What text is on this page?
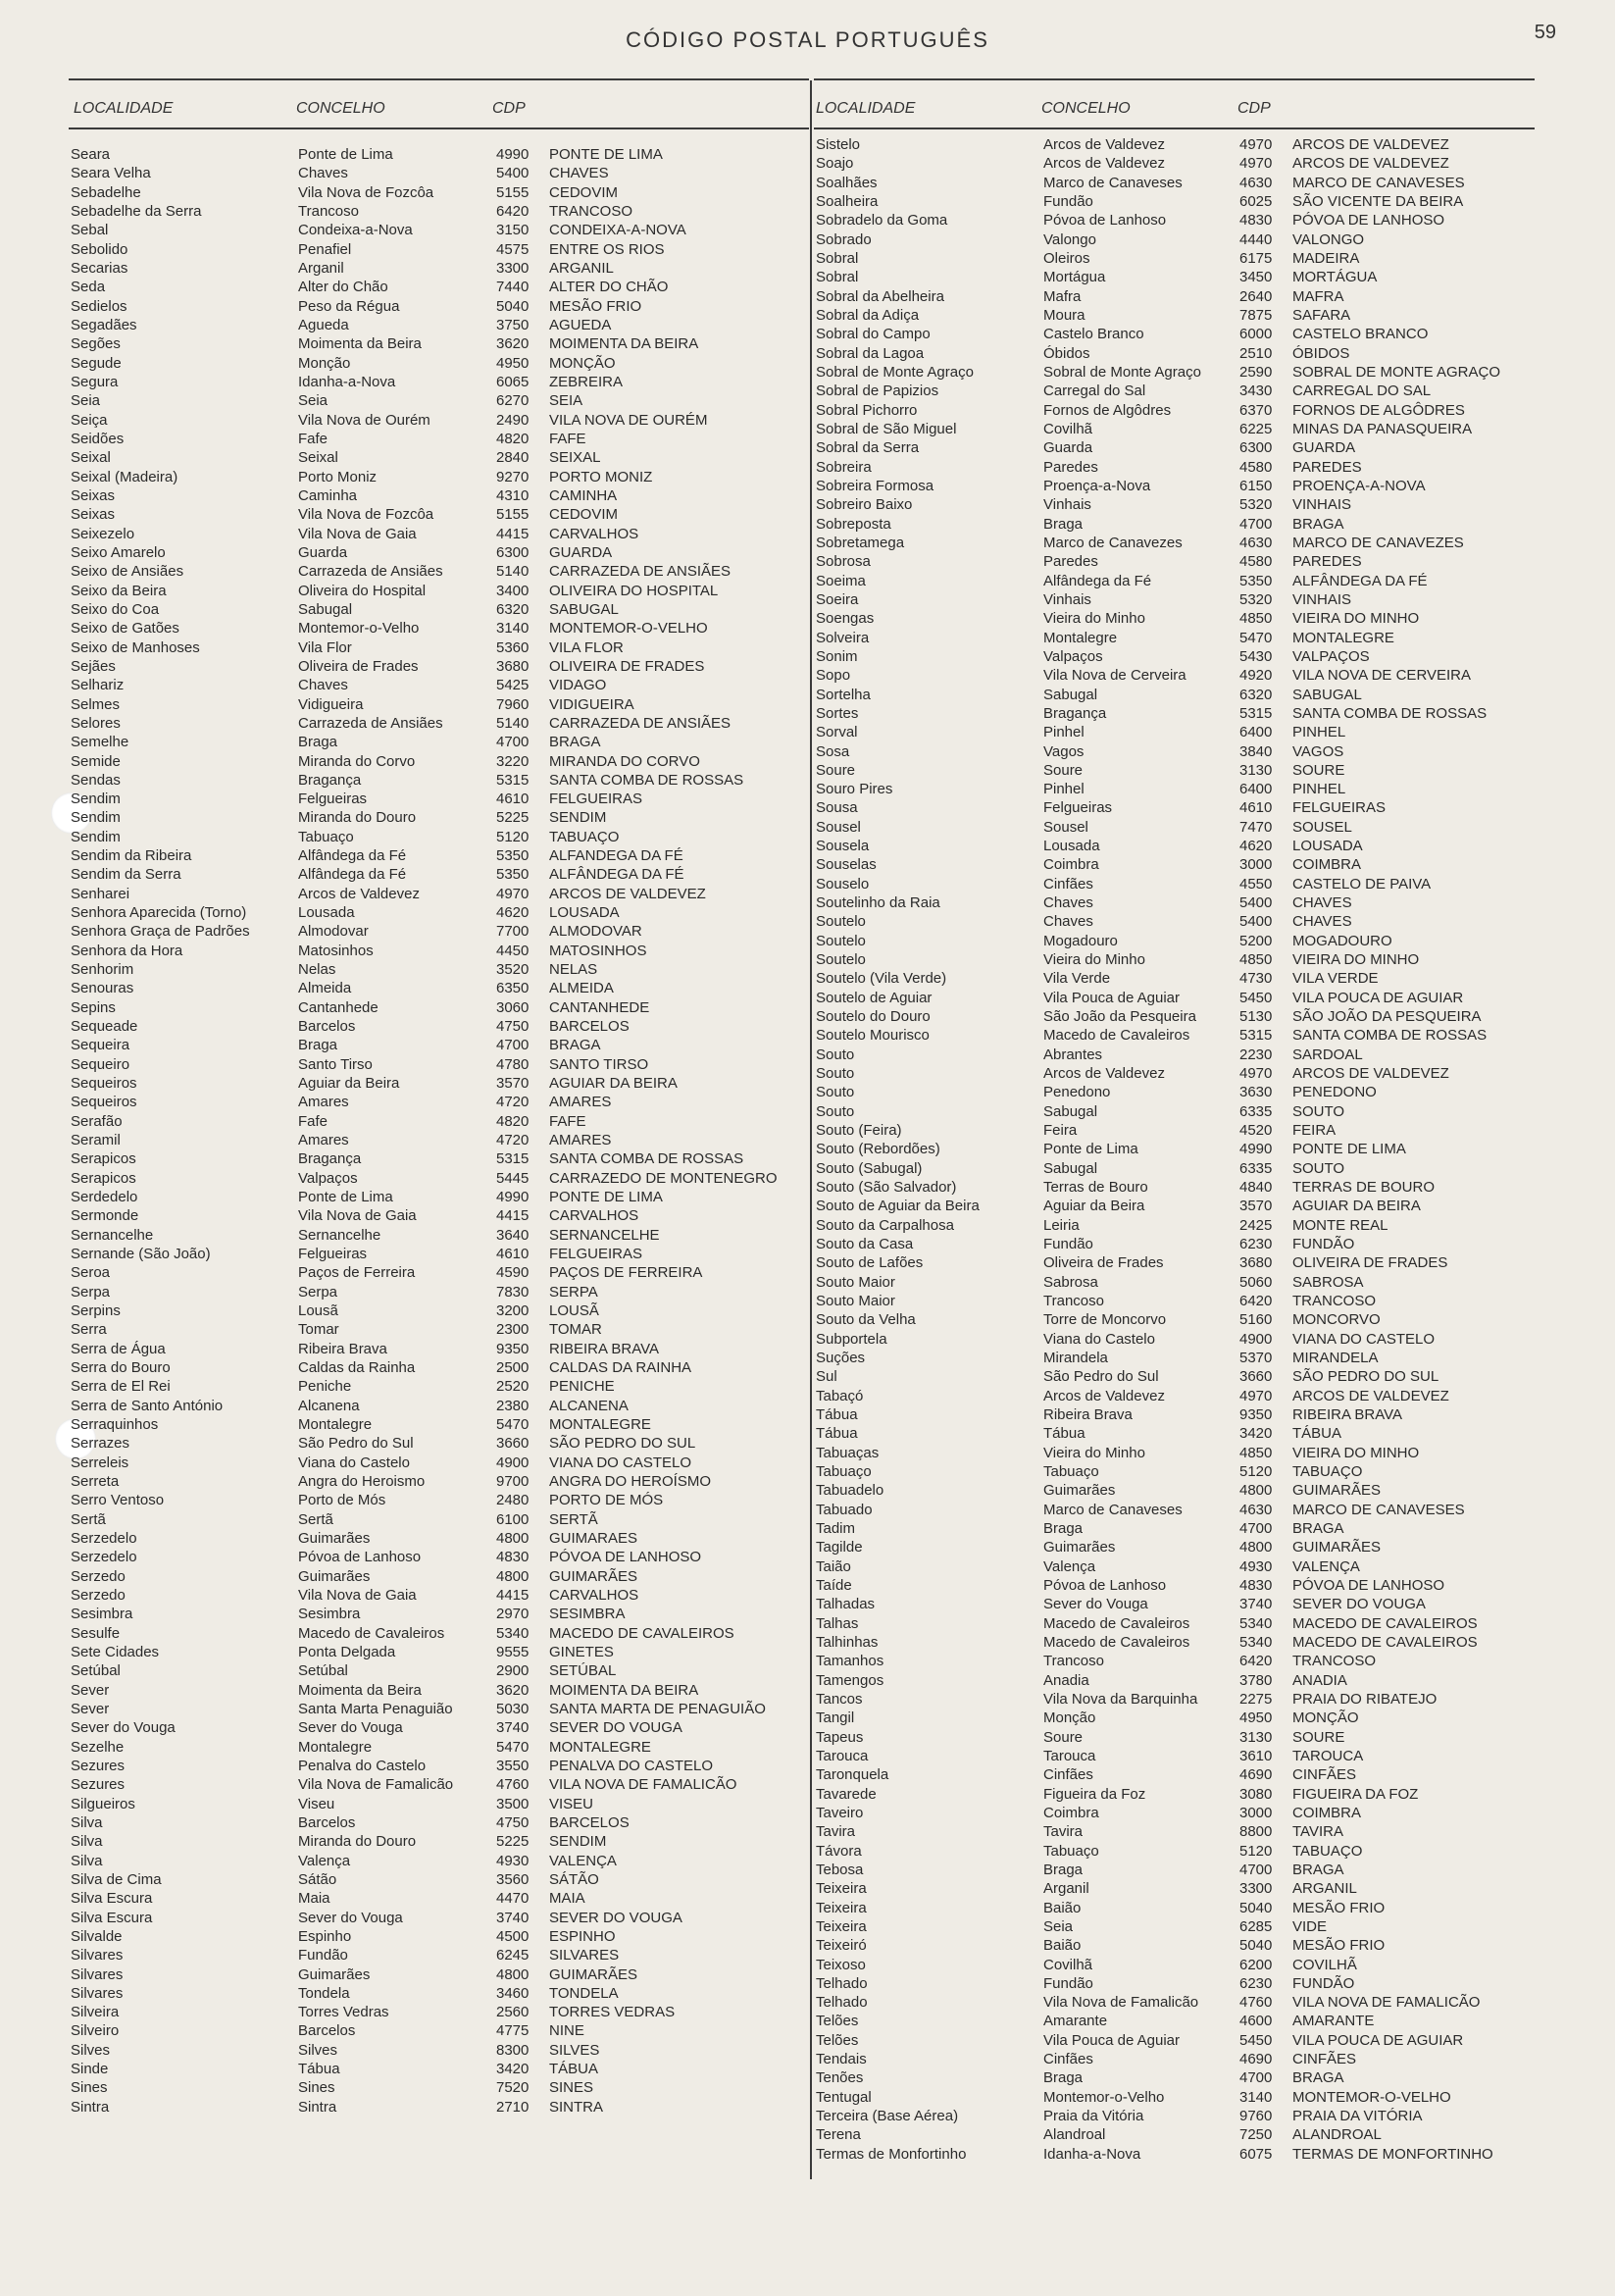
CÓDIGO POSTAL PORTUGUÊS	59
LOCALIDADE	CONCELHO	CDP
Seara	Ponte de Lima	4990	PONTE DE LIMA
Seara Velha	Chaves	5400	CHAVES
Sebadelhe	Vila Nova de Fozcôa	5155	CEDOVIM
Sebadelhe da Serra	Trancoso	6420	TRANCOSO
Sebal	Condeixa-a-Nova	3150	CONDEIXA-A-NOVA
Sebolido	Penafiel	4575	ENTRE OS RIOS
Secarias	Arganil	3300	ARGANIL
Seda	Alter do Chão	7440	ALTER DO CHÃO
Sedielos	Peso da Régua	5040	MESÃO FRIO
Segadães	Agueda	3750	AGUEDA
Segões	Moimenta da Beira	3620	MOIMENTA DA BEIRA
Segude	Monção	4950	MONÇÃO
Segura	Idanha-a-Nova	6065	ZEBREIRA
Seia	Seia	6270	SEIA
Seiça	Vila Nova de Ourém	2490	VILA NOVA DE OURÉM
Seidões	Fafe	4820	FAFE
Seixal	Seixal	2840	SEIXAL
Seixal (Madeira)	Porto Moniz	9270	PORTO MONIZ
Seixas	Caminha	4310	CAMINHA
Seixas	Vila Nova de Fozcôa	5155	CEDOVIM
Seixezelo	Vila Nova de Gaia	4415	CARVALHOS
Seixo Amarelo	Guarda	6300	GUARDA
Seixo de Ansiães	Carrazeda de Ansiães	5140	CARRAZEDA DE ANSIÃES
Seixo da Beira	Oliveira do Hospital	3400	OLIVEIRA DO HOSPITAL
Seixo do Coa	Sabugal	6320	SABUGAL
Seixo de Gatões	Montemor-o-Velho	3140	MONTEMOR-O-VELHO
Seixo de Manhoses	Vila Flor	5360	VILA FLOR
Sejães	Oliveira de Frades	3680	OLIVEIRA DE FRADES
Selhariz	Chaves	5425	VIDAGO
Selmes	Vidigueira	7960	VIDIGUEIRA
Selores	Carrazeda de Ansiães	5140	CARRAZEDA DE ANSIÃES
Semelhe	Braga	4700	BRAGA
Semide	Miranda do Corvo	3220	MIRANDA DO CORVO
Sendas	Bragança	5315	SANTA COMBA DE ROSSAS
Sendim	Felgueiras	4610	FELGUEIRAS
Sendim	Miranda do Douro	5225	SENDIM
Sendim	Tabuaço	5120	TABUAÇO
Sendim da Ribeira	Alfândega da Fé	5350	ALFANDEGA DA FÉ
Sendim da Serra	Alfândega da Fé	5350	ALFÂNDEGA DA FÉ
Senharei	Arcos de Valdevez	4970	ARCOS DE VALDEVEZ
Senhora Aparecida (Torno)	Lousada	4620	LOUSADA
Senhora Graça de Padrões	Almodovar	7700	ALMODOVAR
Senhora da Hora	Matosinhos	4450	MATOSINHOS
Senhorim	Nelas	3520	NELAS
Senouras	Almeida	6350	ALMEIDA
Sepins	Cantanhede	3060	CANTANHEDE
Sequeade	Barcelos	4750	BARCELOS
Sequeira	Braga	4700	BRAGA
Sequeiro	Santo Tirso	4780	SANTO TIRSO
Sequeiros	Aguiar da Beira	3570	AGUIAR DA BEIRA
Sequeiros	Amares	4720	AMARES
Serafão	Fafe	4820	FAFE
Seramil	Amares	4720	AMARES
Serapicos	Bragança	5315	SANTA COMBA DE ROSSAS
Serapicos	Valpaços	5445	CARRAZEDO DE MONTENEGRO
Serdedelo	Ponte de Lima	4990	PONTE DE LIMA
Sermonde	Vila Nova de Gaia	4415	CARVALHOS
Sernancelhe	Sernancelhe	3640	SERNANCELHE
Sernande (São João)	Felgueiras	4610	FELGUEIRAS
Seroa	Paços de Ferreira	4590	PAÇOS DE FERREIRA
Serpa	Serpa	7830	SERPA
Serpins	Lousã	3200	LOUSÃ
Serra	Tomar	2300	TOMAR
Serra de Água	Ribeira Brava	9350	RIBEIRA BRAVA
Serra do Bouro	Caldas da Rainha	2500	CALDAS DA RAINHA
Serra de El Rei	Peniche	2520	PENICHE
Serra de Santo António	Alcanena	2380	ALCANENA
Serraquinhos	Montalegre	5470	MONTALEGRE
Serrazes	São Pedro do Sul	3660	SÃO PEDRO DO SUL
Serreleis	Viana do Castelo	4900	VIANA DO CASTELO
Serreta	Angra do Heroismo	9700	ANGRA DO HEROÍSMO
Serro Ventoso	Porto de Mós	2480	PORTO DE MÓS
Sertã	Sertã	6100	SERTÃ
Serzedelo	Guimarães	4800	GUIMARAES
Serzedelo	Póvoa de Lanhoso	4830	PÓVOA DE LANHOSO
Serzedo	Guimarães	4800	GUIMARÃES
Serzedo	Vila Nova de Gaia	4415	CARVALHOS
Sesimbra	Sesimbra	2970	SESIMBRA
Sesulfe	Macedo de Cavaleiros	5340	MACEDO DE CAVALEIROS
Sete Cidades	Ponta Delgada	9555	GINETES
Setúbal	Setúbal	2900	SETÚBAL
Sever	Moimenta da Beira	3620	MOIMENTA DA BEIRA
Sever	Santa Marta Penaguião	5030	SANTA MARTA DE PENAGUIÃO
Sever do Vouga	Sever do Vouga	3740	SEVER DO VOUGA
Sezelhe	Montalegre	5470	MONTALEGRE
Sezures	Penalva do Castelo	3550	PENALVA DO CASTELO
Sezures	Vila Nova de Famalicão	4760	VILA NOVA DE FAMALICÃO
Silgueiros	Viseu	3500	VISEU
Silva	Barcelos	4750	BARCELOS
Silva	Miranda do Douro	5225	SENDIM
Silva	Valença	4930	VALENÇA
Silva de Cima	Sátão	3560	SÁTÃO
Silva Escura	Maia	4470	MAIA
Silva Escura	Sever do Vouga	3740	SEVER DO VOUGA
Silvalde	Espinho	4500	ESPINHO
Silvares	Fundão	6245	SILVARES
Silvares	Guimarães	4800	GUIMARÃES
Silvares	Tondela	3460	TONDELA
Silveira	Torres Vedras	2560	TORRES VEDRAS
Silveiro	Barcelos	4775	NINE
Silves	Silves	8300	SILVES
Sinde	Tábua	3420	TÁBUA
Sines	Sines	7520	SINES
Sintra	Sintra	2710	SINTRA
LOCALIDADE	CONCELHO	CDP
Sistelo	Arcos de Valdevez	4970	ARCOS DE VALDEVEZ
Soajo	Arcos de Valdevez	4970	ARCOS DE VALDEVEZ
Soalhães	Marco de Canaveses	4630	MARCO DE CANAVESES
Soalheira	Fundão	6025	SÃO VICENTE DA BEIRA
Sobradelo da Goma	Póvoa de Lanhoso	4830	PÓVOA DE LANHOSO
Sobrado	Valongo	4440	VALONGO
Sobral	Oleiros	6175	MADEIRA
Sobral	Mortágua	3450	MORTÁGUA
Sobral da Abelheira	Mafra	2640	MAFRA
Sobral da Adiça	Moura	7875	SAFARA
Sobral do Campo	Castelo Branco	6000	CASTELO BRANCO
Sobral da Lagoa	Óbidos	2510	ÓBIDOS
Sobral de Monte Agraço	Sobral de Monte Agraço	2590	SOBRAL DE MONTE AGRAÇO
Sobral de Papizios	Carregal do Sal	3430	CARREGAL DO SAL
Sobral Pichorro	Fornos de Algôdres	6370	FORNOS DE ALGÔDRES
Sobral de São Miguel	Covilhã	6225	MINAS DA PANASQUEIRA
Sobral da Serra	Guarda	6300	GUARDA
Sobreira	Paredes	4580	PAREDES
Sobreira Formosa	Proença-a-Nova	6150	PROENÇA-A-NOVA
Sobreiro Baixo	Vinhais	5320	VINHAIS
Sobreposta	Braga	4700	BRAGA
Sobretamega	Marco de Canavezes	4630	MARCO DE CANAVEZES
Sobrosa	Paredes	4580	PAREDES
Soeima	Alfândega da Fé	5350	ALFÂNDEGA DA FÉ
Soeira	Vinhais	5320	VINHAIS
Soengas	Vieira do Minho	4850	VIEIRA DO MINHO
Solveira	Montalegre	5470	MONTALEGRE
Sonim	Valpaços	5430	VALPAÇOS
Sopo	Vila Nova de Cerveira	4920	VILA NOVA DE CERVEIRA
Sortelha	Sabugal	6320	SABUGAL
Sortes	Bragança	5315	SANTA COMBA DE ROSSAS
Sorval	Pinhel	6400	PINHEL
Sosa	Vagos	3840	VAGOS
Soure	Soure	3130	SOURE
Souro Pires	Pinhel	6400	PINHEL
Sousa	Felgueiras	4610	FELGUEIRAS
Sousel	Sousel	7470	SOUSEL
Sousela	Lousada	4620	LOUSADA
Souselas	Coimbra	3000	COIMBRA
Souselo	Cinfães	4550	CASTELO DE PAIVA
Soutelinho da Raia	Chaves	5400	CHAVES
Soutelo	Chaves	5400	CHAVES
Soutelo	Mogadouro	5200	MOGADOURO
Soutelo	Vieira do Minho	4850	VIEIRA DO MINHO
Soutelo (Vila Verde)	Vila Verde	4730	VILA VERDE
Soutelo de Aguiar	Vila Pouca de Aguiar	5450	VILA POUCA DE AGUIAR
Soutelo do Douro	São João da Pesqueira	5130	SÃO JOÃO DA PESQUEIRA
Soutelo Mourisco	Macedo de Cavaleiros	5315	SANTA COMBA DE ROSSAS
Souto	Abrantes	2230	SARDOAL
Souto	Arcos de Valdevez	4970	ARCOS DE VALDEVEZ
Souto	Penedono	3630	PENEDONO
Souto	Sabugal	6335	SOUTO
Souto (Feira)	Feira	4520	FEIRA
Souto (Rebordões)	Ponte de Lima	4990	PONTE DE LIMA
Souto (Sabugal)	Sabugal	6335	SOUTO
Souto (São Salvador)	Terras de Bouro	4840	TERRAS DE BOURO
Souto de Aguiar da Beira	Aguiar da Beira	3570	AGUIAR DA BEIRA
Souto da Carpalhosa	Leiria	2425	MONTE REAL
Souto da Casa	Fundão	6230	FUNDÃO
Souto de Lafões	Oliveira de Frades	3680	OLIVEIRA DE FRADES
Souto Maior	Sabrosa	5060	SABROSA
Souto Maior	Trancoso	6420	TRANCOSO
Souto da Velha	Torre de Moncorvo	5160	MONCORVO
Subportela	Viana do Castelo	4900	VIANA DO CASTELO
Suções	Mirandela	5370	MIRANDELA
Sul	São Pedro do Sul	3660	SÃO PEDRO DO SUL
Tabaçó	Arcos de Valdevez	4970	ARCOS DE VALDEVEZ
Tábua	Ribeira Brava	9350	RIBEIRA BRAVA
Tábua	Tábua	3420	TÁBUA
Tabuaças	Vieira do Minho	4850	VIEIRA DO MINHO
Tabuaço	Tabuaço	5120	TABUAÇO
Tabuadelo	Guimarães	4800	GUIMARÃES
Tabuado	Marco de Canaveses	4630	MARCO DE CANAVESES
Tadim	Braga	4700	BRAGA
Tagilde	Guimarães	4800	GUIMARÃES
Taião	Valença	4930	VALENÇA
Taíde	Póvoa de Lanhoso	4830	PÓVOA DE LANHOSO
Talhadas	Sever do Vouga	3740	SEVER DO VOUGA
Talhas	Macedo de Cavaleiros	5340	MACEDO DE CAVALEIROS
Talhinhas	Macedo de Cavaleiros	5340	MACEDO DE CAVALEIROS
Tamanhos	Trancoso	6420	TRANCOSO
Tamengos	Anadia	3780	ANADIA
Tancos	Vila Nova da Barquinha	2275	PRAIA DO RIBATEJO
Tangil	Monção	4950	MONÇÃO
Tapeus	Soure	3130	SOURE
Tarouca	Tarouca	3610	TAROUCA
Taronquela	Cinfães	4690	CINFÃES
Tavarede	Figueira da Foz	3080	FIGUEIRA DA FOZ
Taveiro	Coimbra	3000	COIMBRA
Tavira	Tavira	8800	TAVIRA
Távora	Tabuaço	5120	TABUAÇO
Tebosa	Braga	4700	BRAGA
Teixeira	Arganil	3300	ARGANIL
Teixeira	Baião	5040	MESÃO FRIO
Teixeira	Seia	6285	VIDE
Teixeiró	Baião	5040	MESÃO FRIO
Teixoso	Covilhã	6200	COVILHÃ
Telhado	Fundão	6230	FUNDÃO
Telhado	Vila Nova de Famalicão	4760	VILA NOVA DE FAMALICÃO
Telões	Amarante	4600	AMARANTE
Telões	Vila Pouca de Aguiar	5450	VILA POUCA DE AGUIAR
Tendais	Cinfães	4690	CINFÃES
Tenões	Braga	4700	BRAGA
Tentugal	Montemor-o-Velho	3140	MONTEMOR-O-VELHO
Terceira (Base Aérea)	Praia da Vitória	9760	PRAIA DA VITÓRIA
Terena	Alandroal	7250	ALANDROAL
Termas de Monfortinho	Idanha-a-Nova	6075	TERMAS DE MONFORTINHO
